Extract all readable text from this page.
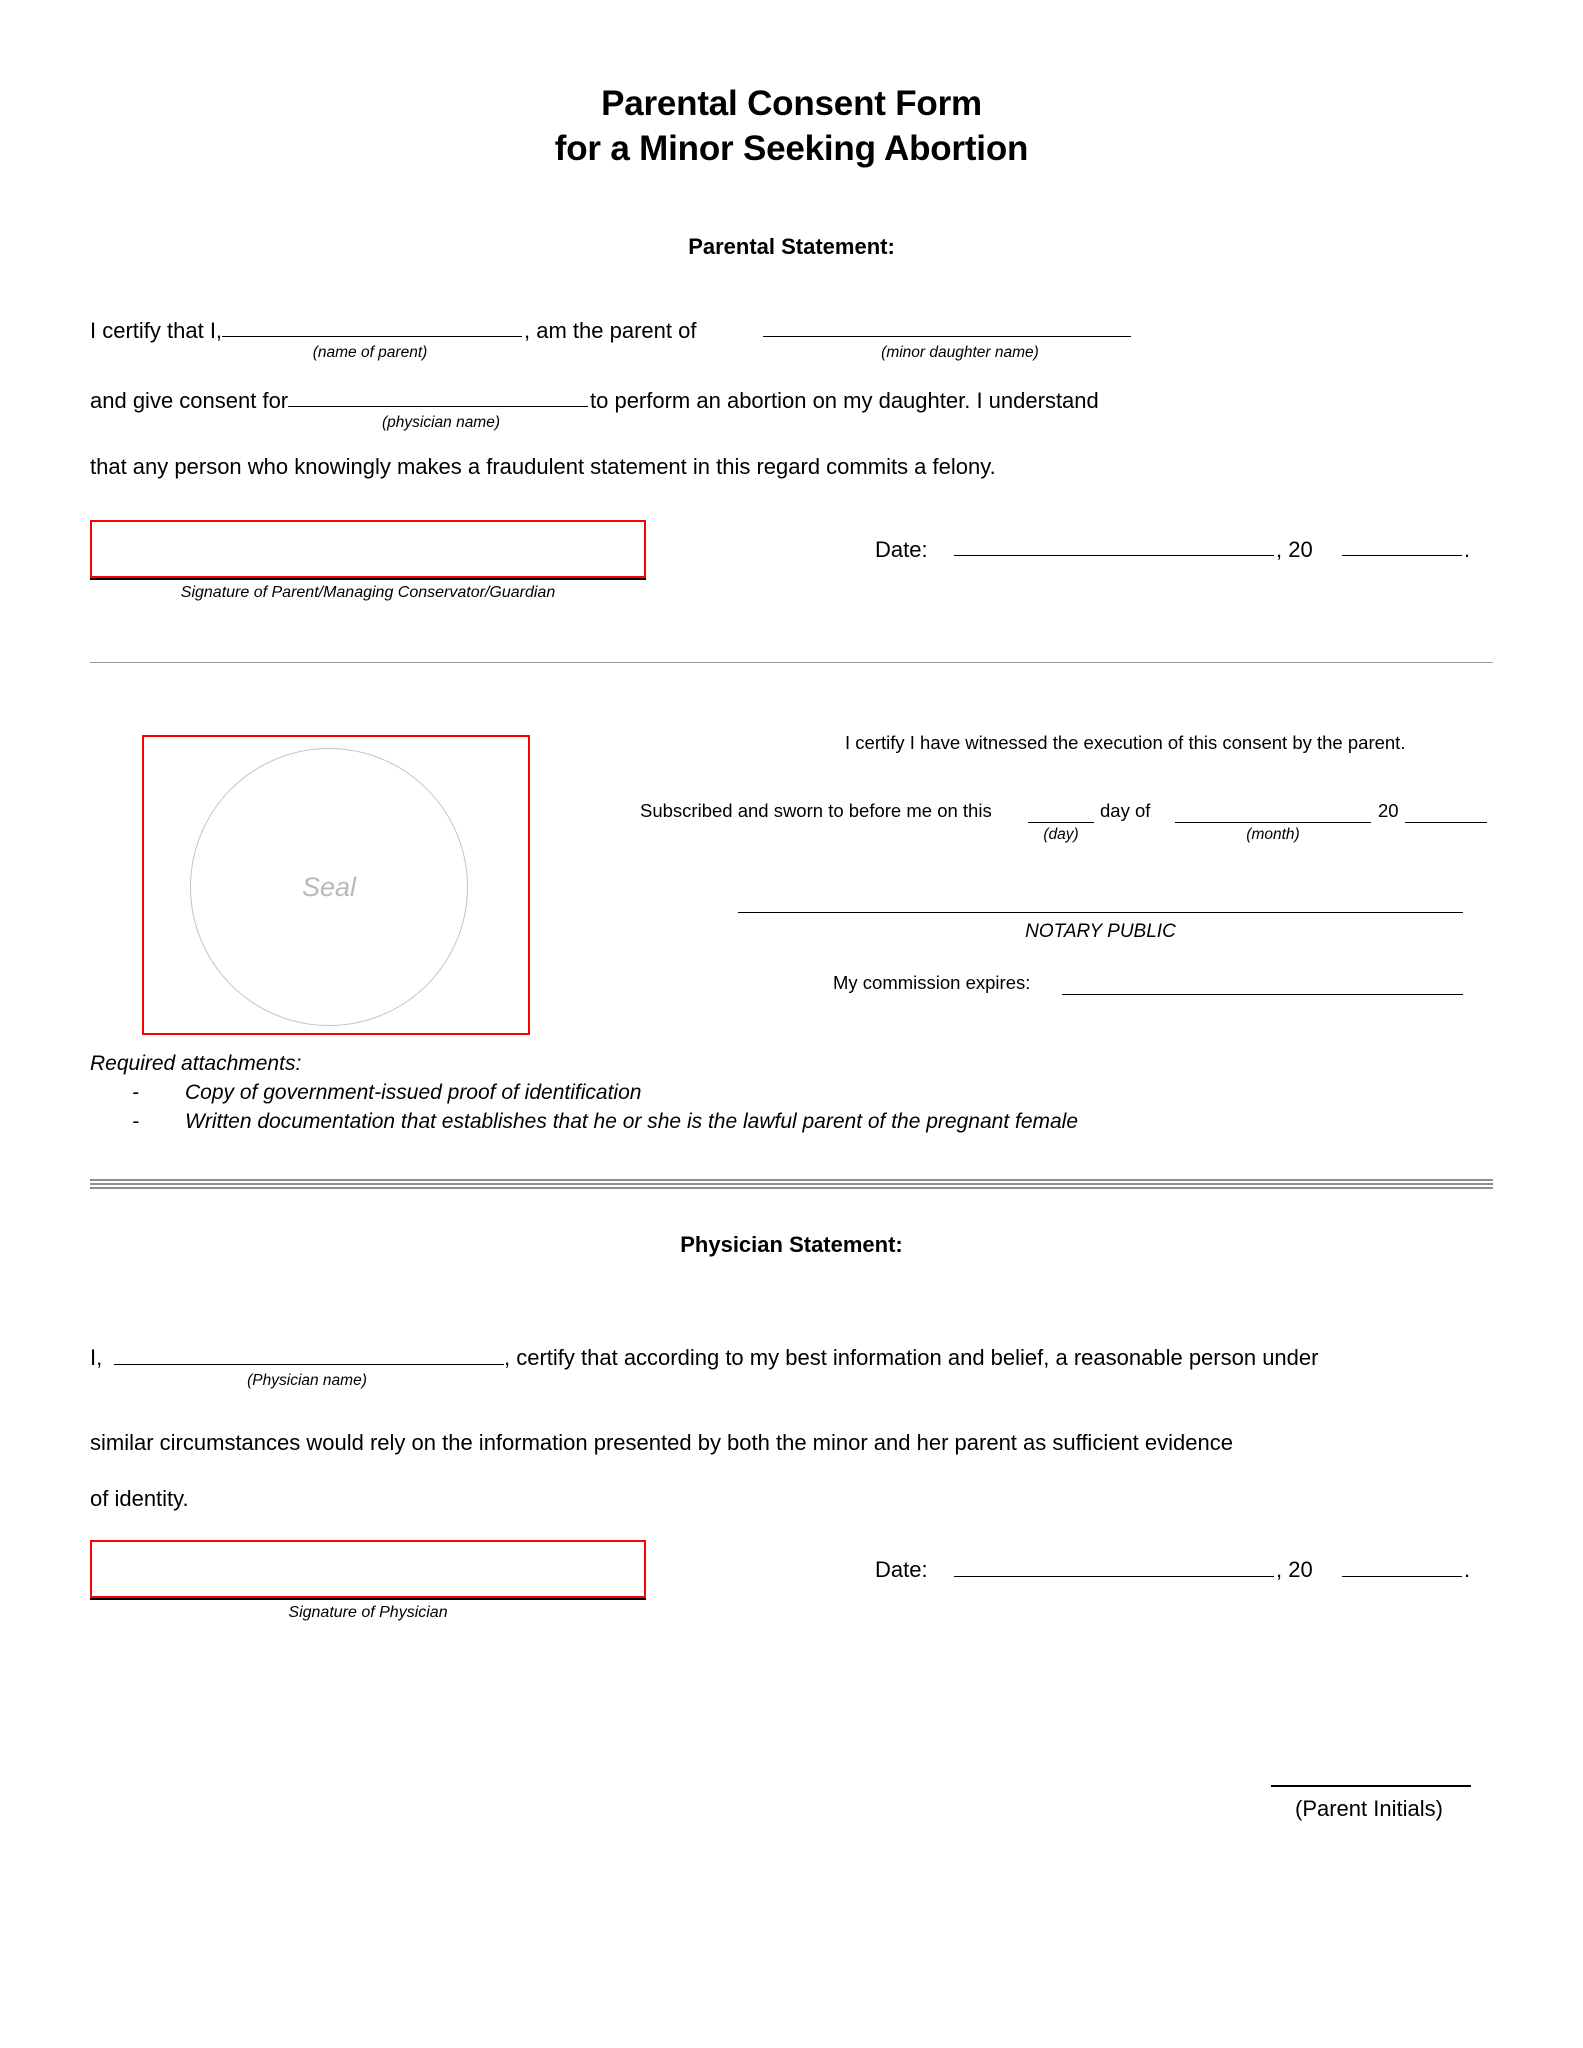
Parental Consent Form
for a Minor Seeking Abortion
Parental Statement:
I certify that I,	, am the parent of
(name of parent)	(minor daughter name)
and give consent for	to perform an abortion on my daughter. I understand
(physician name)
that any person who knowingly makes a fraudulent statement in this regard commits a felony.
Signature of Parent/Managing Conservator/Guardian
Date:	, 20	.
Seal
I certify I have witnessed the execution of this consent by the parent.
Subscribed and sworn to before me on this	day of	20
(day)	(month)
NOTARY PUBLIC
My commission expires:
Required attachments:
- Copy of government-issued proof of identification
- Written documentation that establishes that he or she is the lawful parent of the pregnant female
Physician Statement:
I,	, certify that according to my best information and belief, a reasonable person under
(Physician name)
similar circumstances would rely on the information presented by both the minor and her parent as sufficient evidence
of identity.
Signature of Physician
Date:	, 20	.
(Parent Initials)
